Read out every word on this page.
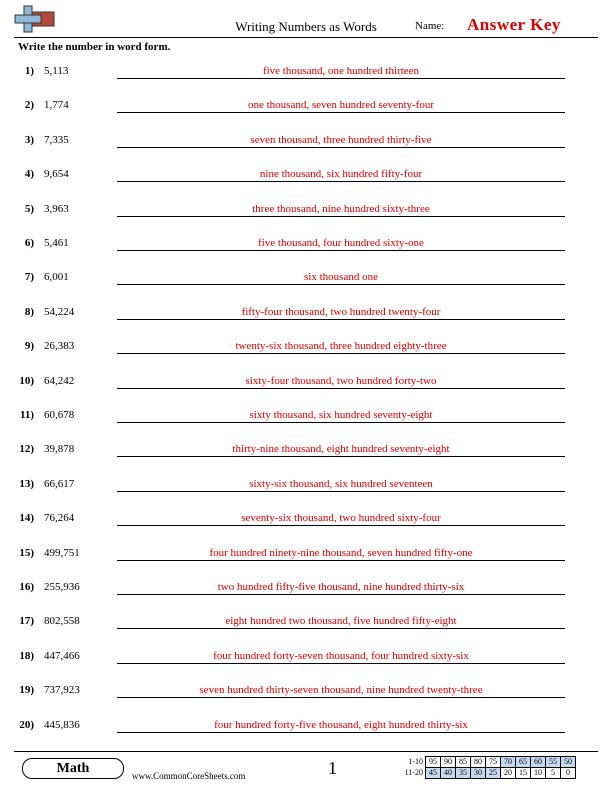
Writing Numbers as Words	Name: Answer Key
Write the number in word form.
1) 5,113	five thousand, one hundred thirteen
2) 1,774	one thousand, seven hundred seventy-four
3) 7,335	seven thousand, three hundred thirty-five
4) 9,654	nine thousand, six hundred fifty-four
5) 3,963	three thousand, nine hundred sixty-three
6) 5,461	five thousand, four hundred sixty-one
7) 6,001	six thousand one
8) 54,224	fifty-four thousand, two hundred twenty-four
9) 26,383	twenty-six thousand, three hundred eighty-three
10) 64,242	sixty-four thousand, two hundred forty-two
11) 60,678	sixty thousand, six hundred seventy-eight
12) 39,878	thirty-nine thousand, eight hundred seventy-eight
13) 66,617	sixty-six thousand, six hundred seventeen
14) 76,264	seventy-six thousand, two hundred sixty-four
15) 499,751	four hundred ninety-nine thousand, seven hundred fifty-one
16) 255,936	two hundred fifty-five thousand, nine hundred thirty-six
17) 802,558	eight hundred two thousand, five hundred fifty-eight
18) 447,466	four hundred forty-seven thousand, four hundred sixty-six
19) 737,923	seven hundred thirty-seven thousand, nine hundred twenty-three
20) 445,836	four hundred forty-five thousand, eight hundred thirty-six
Math	www.CommonCoreSheets.com	1	1-10	95	90	85	80	75	70	65	60	55	50
11-20	45	40	35	30	25	20	15	10	5	0
